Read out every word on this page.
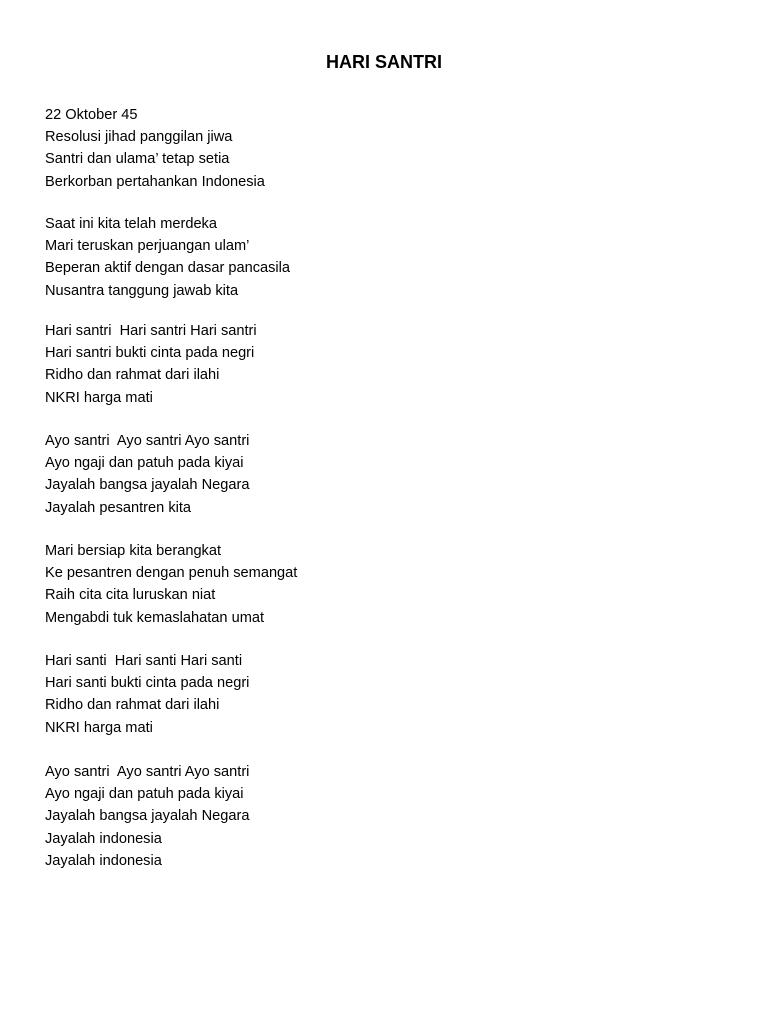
HARI SANTRI
22 Oktober 45
Resolusi jihad panggilan jiwa
Santri dan ulama’ tetap setia
Berkorban pertahankan Indonesia
Saat ini kita telah merdeka
Mari teruskan perjuangan ulam’
Beperan aktif dengan dasar pancasila
Nusantra tanggung jawab kita
Hari santri  Hari santri Hari santri
Hari santri bukti cinta pada negri
Ridho dan rahmat dari ilahi
NKRI harga mati
Ayo santri  Ayo santri Ayo santri
Ayo ngaji dan patuh pada kiyai
Jayalah bangsa jayalah Negara
Jayalah pesantren kita
Mari bersiap kita berangkat
Ke pesantren dengan penuh semangat
Raih cita cita luruskan niat
Mengabdi tuk kemaslahatan umat
Hari santi  Hari santi Hari santi
Hari santi bukti cinta pada negri
Ridho dan rahmat dari ilahi
NKRI harga mati
Ayo santri  Ayo santri Ayo santri
Ayo ngaji dan patuh pada kiyai
Jayalah bangsa jayalah Negara
Jayalah indonesia
Jayalah indonesia
